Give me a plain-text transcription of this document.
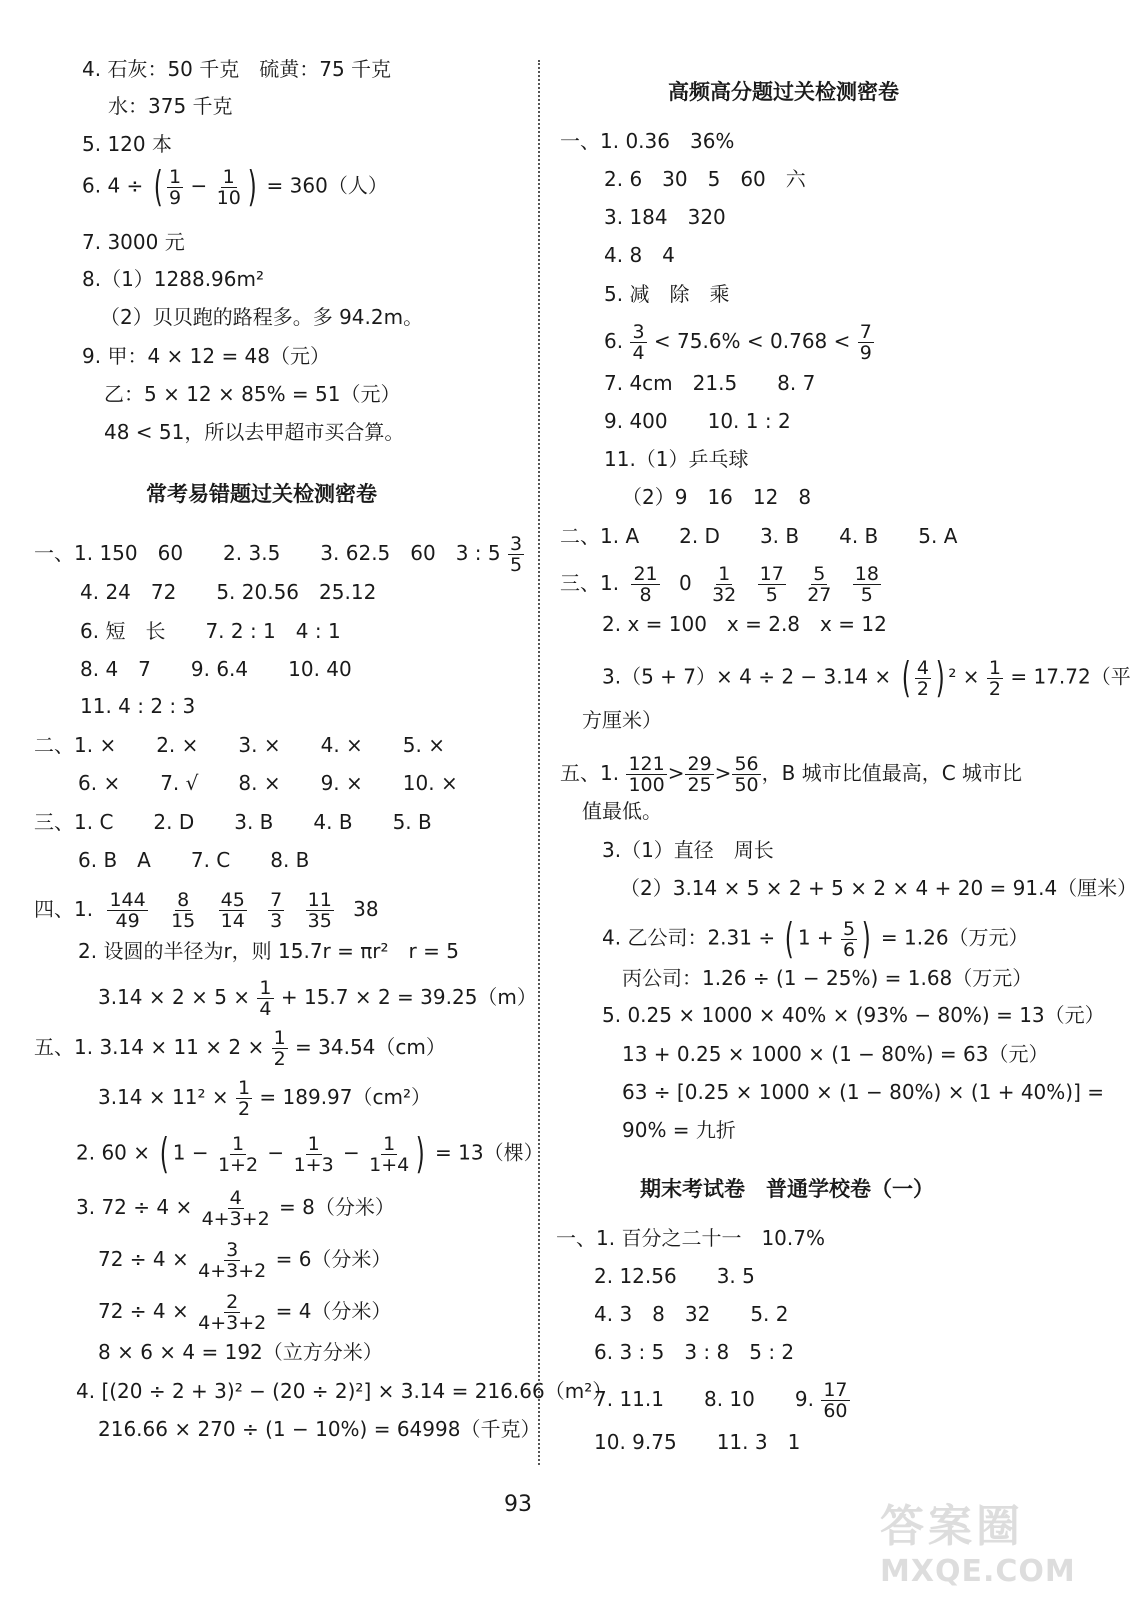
4. 石灰：50 千克　硫黄：75 千克
水：375 千克
5. 120 本
6. 4 ÷ ( $\frac{1}{9} - \frac{1}{10}$ ) = 360（人）
7. 3000 元
8.（1）1288.96m²
（2）贝贝跑的路程多。多 94.2m。
9. 甲：4 × 12 = 48（元）
乙：5 × 12 × 85% = 51（元）
48 < 51，所以去甲超市买合算。
常考易错题过关检测密卷
一、1. 150　60　　2. 3.5　　3. 62.5　60　3 : $5 \frac{3}{5}$
4. 24　72　　5. 20.56　25.12
6. 短　长　　7. 2 : 1　4 : 1
8. 4　7　　9. 6.4　　10. 40
11. 4 : 2 : 3
二、1. ×　　2. ×　　3. ×　　4. ×　　5. ×
6. ×　　7. √　　8. ×　　9. ×　　10. ×
三、1. C　　2. D　　3. B　　4. B　　5. B
6. B　A　　7. C　　8. B
四、1. $\frac{144}{49}$
$\frac{8}{15}$
$\frac{45}{14}$
$\frac{7}{3}$
$\frac{11}{35} 38$
2. 设圆的半径为r，则 15.7r = πr²　r = 5
$3.14 \times 2 \times 5 \times \frac{1}{4} + 15.7 \times 2 = 39.25(m)$
五、1. $3.14 \times 11 \times 2 \times \frac{1}{2} = 34.54(cm)$
$3.14 \times 11^2 \times \frac{1}{2} = 189.97(cm^2)$
2. 60 × ( $1 - \frac{1}{1+2} - \frac{1}{1+3} - \frac{1}{1+4}$ ) = 13（棵）
3. $72 \div 4 \times \frac{4}{4+3+2} = 8$（分米）
$72 \div 4 \times \frac{3}{4+3+2} = 6$（分米）
$72 \div 4 \times \frac{2}{4+3+2} = 4$（分米）
8 × 6 × 4 = 192（立方分米）
4. [(20 ÷ 2 + 3)² − (20 ÷ 2)²] × 3.14 = 216.66（m²）
216.66 × 270 ÷ (1 − 10%) = 64998（千克）
高频高分题过关检测密卷
一、1. 0.36　36%
2. 6　30　5　60　六
3. 184　320
4. 8　4
5. 减　除　乘
6. $\frac{3}{4} < 75.6\% < 0.768 < \frac{7}{9}$
7. 4cm　21.5　　8. 7
9. 400　　10. 1 : 2
11.（1）乒乓球
（2）9　16　12　8
二、1. A　　2. D　　3. B　　4. B　　5. A
三、1. $\frac{21}{8} 0 \frac{1}{32}$
$\frac{17}{5}$
$\frac{5}{27}$
$\frac{18}{5}$
2. x = 100　x = 2.8　x = 12
3.（5 + 7）× 4 ÷ 2 − 3.14 × ( $\frac{4}{2}$ ) $^2 \times \frac{1}{2} = 17.72$（平
方厘米）
五、1. $\frac{121}{100} > \frac{29}{25} > \frac{56}{50}$ ，B 城市比值最高，C 城市比
值最低。
3.（1）直径　周长
（2）3.14 × 5 × 2 + 5 × 2 × 4 + 20 = 91.4（厘米）
4. 乙公司：2.31 ÷ ( $1 + \frac{5}{6}$ ) = 1.26（万元）
丙公司：1.26 ÷ (1 − 25%) = 1.68（万元）
5. 0.25 × 1000 × 40% × (93% − 80%) = 13（元）
13 + 0.25 × 1000 × (1 − 80%) = 63（元）
63 ÷ [0.25 × 1000 × (1 − 80%) × (1 + 40%)] =
90% = 九折
期末考试卷　普通学校卷（一）
一、1. 百分之二十一　10.7%
2. 12.56　　3. 5
4. 3　8　32　　5. 2
6. 3 : 5　3 : 8　5 : 2
7. 11.1　　8. 10　　9. $\frac{17}{60}$
10. 9.75　　11. 3　1
93	答案圈
MXQE.COM
